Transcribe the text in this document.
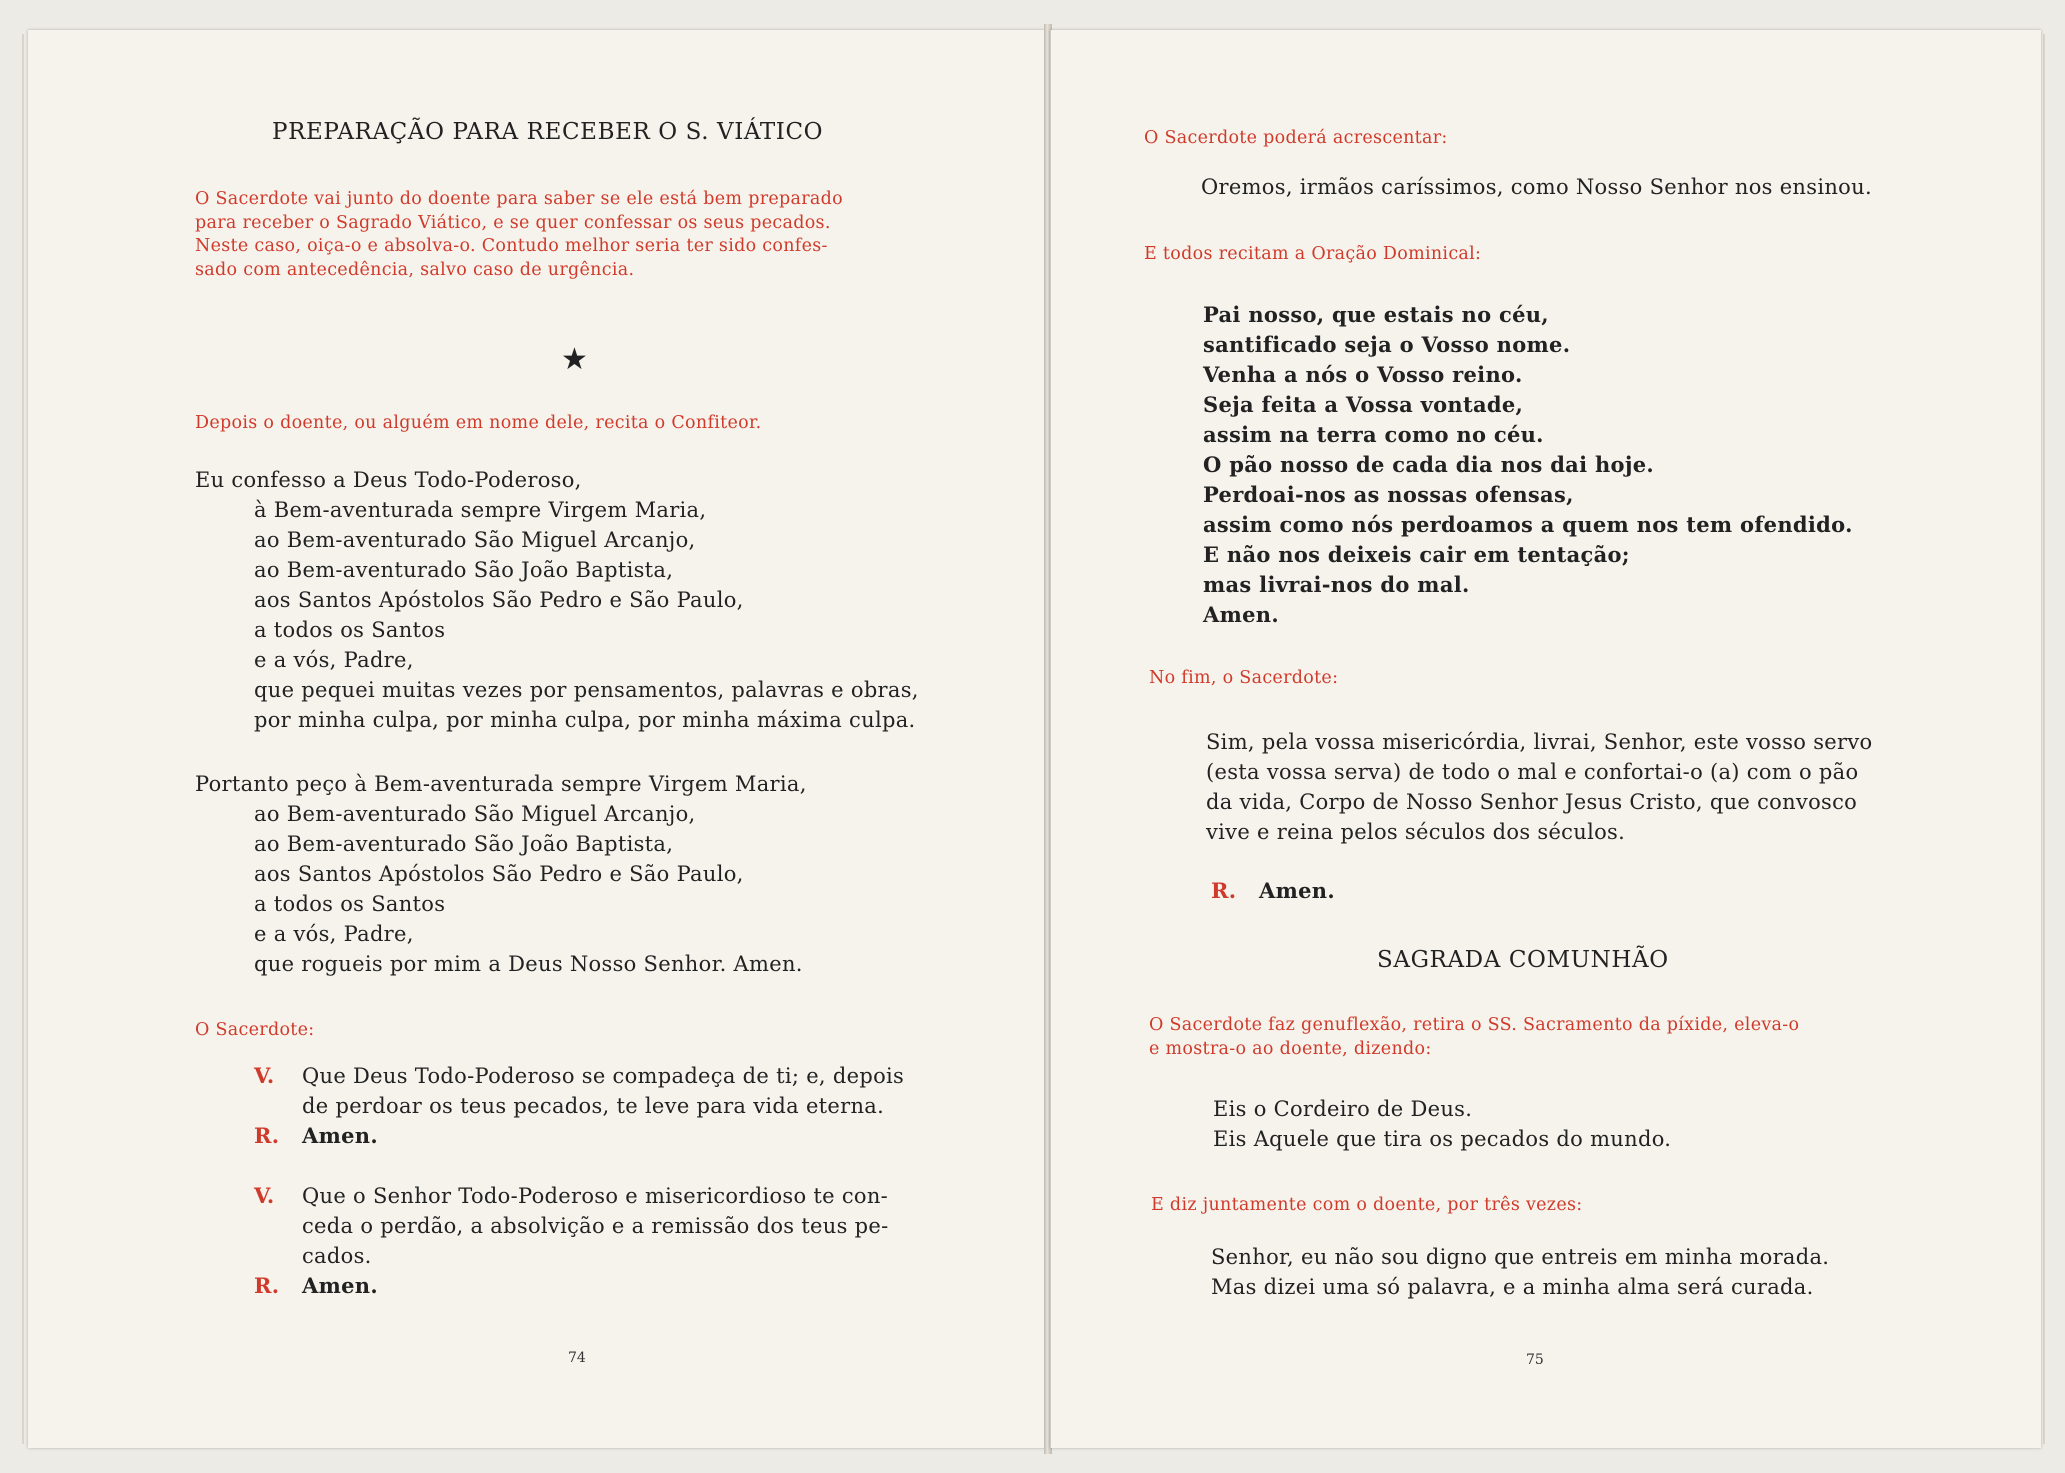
PREPARAÇÃO PARA RECEBER O S. VIÁTICO

O Sacerdote vai junto do doente para saber se ele está bem preparado
para receber o Sagrado Viático, e se quer confessar os seus pecados.
Neste caso, oiça-o e absolva-o. Contudo melhor seria ter sido confes-
sado com antecedência, salvo caso de urgência.

★

Depois o doente, ou alguém em nome dele, recita o Confiteor.

Eu confesso a Deus Todo-Poderoso,
à Bem-aventurada sempre Virgem Maria,
ao Bem-aventurado São Miguel Arcanjo,
ao Bem-aventurado São João Baptista,
aos Santos Apóstolos São Pedro e São Paulo,
a todos os Santos
e a vós, Padre,
que pequei muitas vezes por pensamentos, palavras e obras,
por minha culpa, por minha culpa, por minha máxima culpa.
Portanto peço à Bem-aventurada sempre Virgem Maria,
ao Bem-aventurado São Miguel Arcanjo,
ao Bem-aventurado São João Baptista,
aos Santos Apóstolos São Pedro e São Paulo,
a todos os Santos
e a vós, Padre,
que rogueis por mim a Deus Nosso Senhor. Amen.

O Sacerdote:

V. Que Deus Todo-Poderoso se compadeça de ti; e, depois
de perdoar os teus pecados, te leve para vida eterna.
R. Amen.
V. Que o Senhor Todo-Poderoso e misericordioso te con-
ceda o perdão, a absolvição e a remissão dos teus pe-
cados.
R. Amen.

74

O Sacerdote poderá acrescentar:

Oremos, irmãos caríssimos, como Nosso Senhor nos ensinou.

E todos recitam a Oração Dominical:

Pai nosso, que estais no céu,
santificado seja o Vosso nome.
Venha a nós o Vosso reino.
Seja feita a Vossa vontade,
assim na terra como no céu.
O pão nosso de cada dia nos dai hoje.
Perdoai-nos as nossas ofensas,
assim como nós perdoamos a quem nos tem ofendido.
E não nos deixeis cair em tentação;
mas livrai-nos do mal.
Amen.

No fim, o Sacerdote:

Sim, pela vossa misericórdia, livrai, Senhor, este vosso servo
(esta vossa serva) de todo o mal e confortai-o (a) com o pão
da vida, Corpo de Nosso Senhor Jesus Cristo, que convosco
vive e reina pelos séculos dos séculos.

R. Amen.

SAGRADA COMUNHÃO

O Sacerdote faz genuflexão, retira o SS. Sacramento da píxide, eleva-o
e mostra-o ao doente, dizendo:
Eis o Cordeiro de Deus.
Eis Aquele que tira os pecados do mundo.

E diz juntamente com o doente, por três vezes:

Senhor, eu não sou digno que entreis em minha morada.
Mas dizei uma só palavra, e a minha alma será curada.

75
